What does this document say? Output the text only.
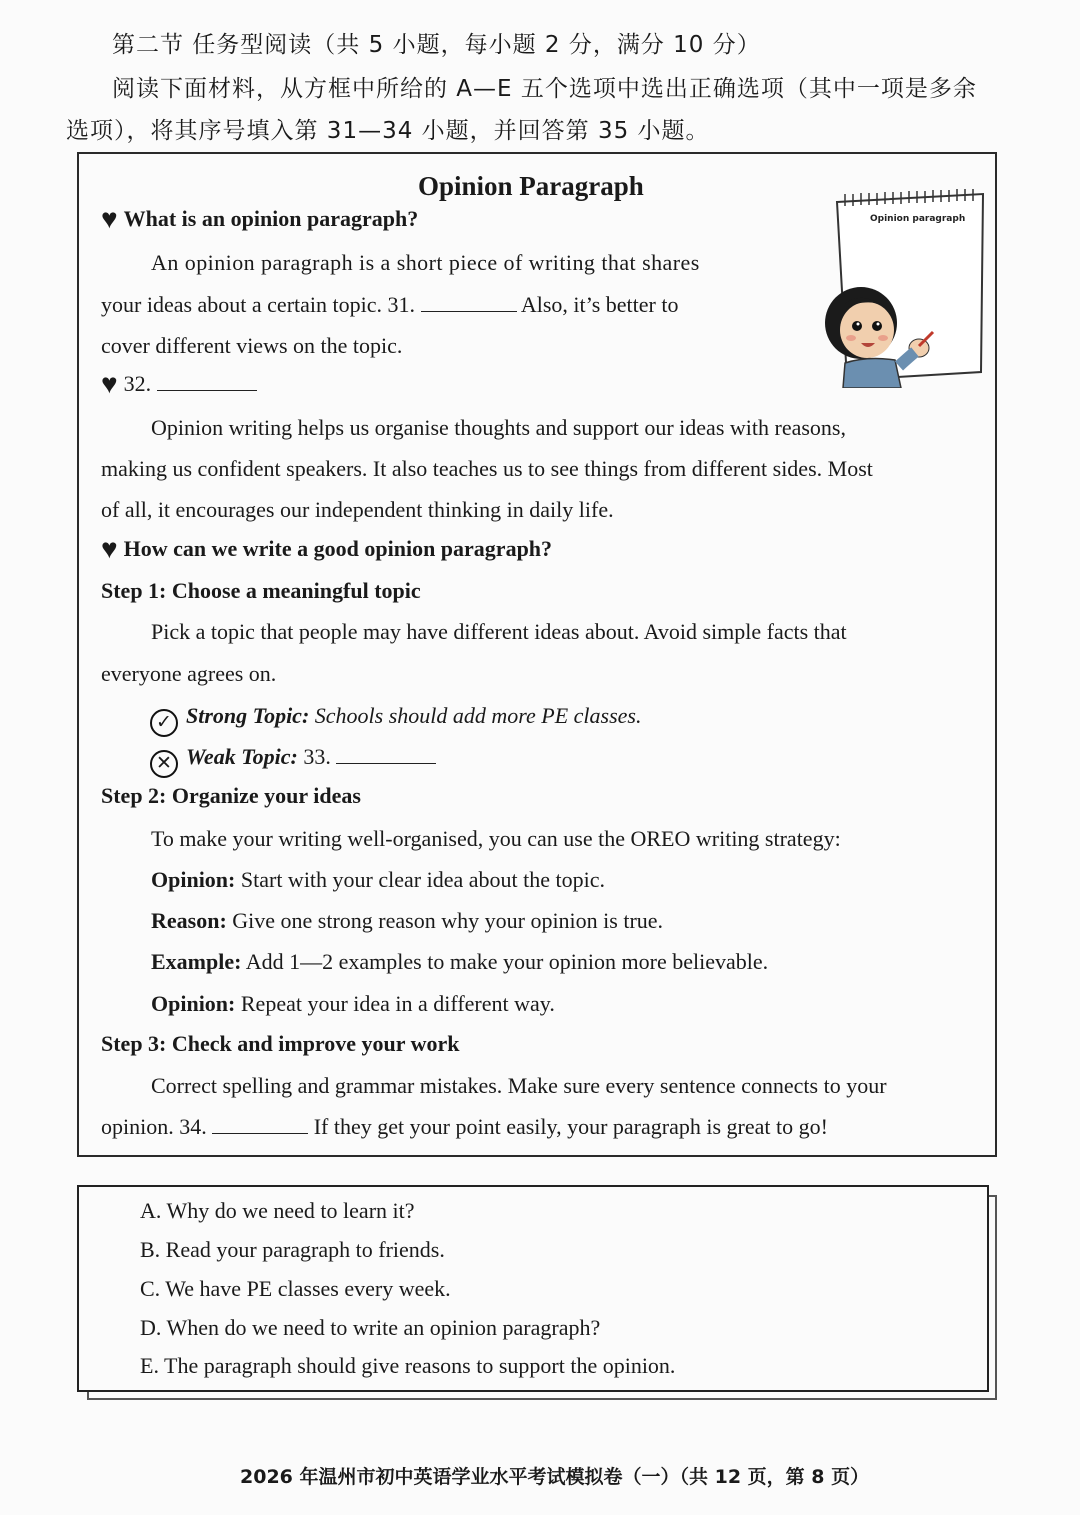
第二节 任务型阅读（共 5 小题，每小题 2 分，满分 10 分）
阅读下面材料，从方框中所给的 A—E 五个选项中选出正确选项（其中一项是多余
选项），将其序号填入第 31—34 小题，并回答第 35 小题。
Opinion Paragraph
Opinion paragraph
♥ What is an opinion paragraph?
An opinion paragraph is a short piece of writing that shares
your ideas about a certain topic. 31.	Also, it’s better to
cover different views on the topic.
♥ 32.
Opinion writing helps us organise thoughts and support our ideas with reasons,
making us confident speakers. It also teaches us to see things from different sides. Most
of all, it encourages our independent thinking in daily life.
♥ How can we write a good opinion paragraph?
Step 1: Choose a meaningful topic
Pick a topic that people may have different ideas about. Avoid simple facts that
everyone agrees on.
✓ Strong Topic: Schools should add more PE classes.
✕ Weak Topic: 33.
Step 2: Organize your ideas
To make your writing well-organised, you can use the OREO writing strategy:
Opinion: Start with your clear idea about the topic.
Reason: Give one strong reason why your opinion is true.
Example: Add 1—2 examples to make your opinion more believable.
Opinion: Repeat your idea in a different way.
Step 3: Check and improve your work
Correct spelling and grammar mistakes. Make sure every sentence connects to your
opinion. 34.	If they get your point easily, your paragraph is great to go!
A. Why do we need to learn it?
B. Read your paragraph to friends.
C. We have PE classes every week.
D. When do we need to write an opinion paragraph?
E. The paragraph should give reasons to support the opinion.
2026 年温州市初中英语学业水平考试模拟卷（一）（共 12 页，第 8 页）
